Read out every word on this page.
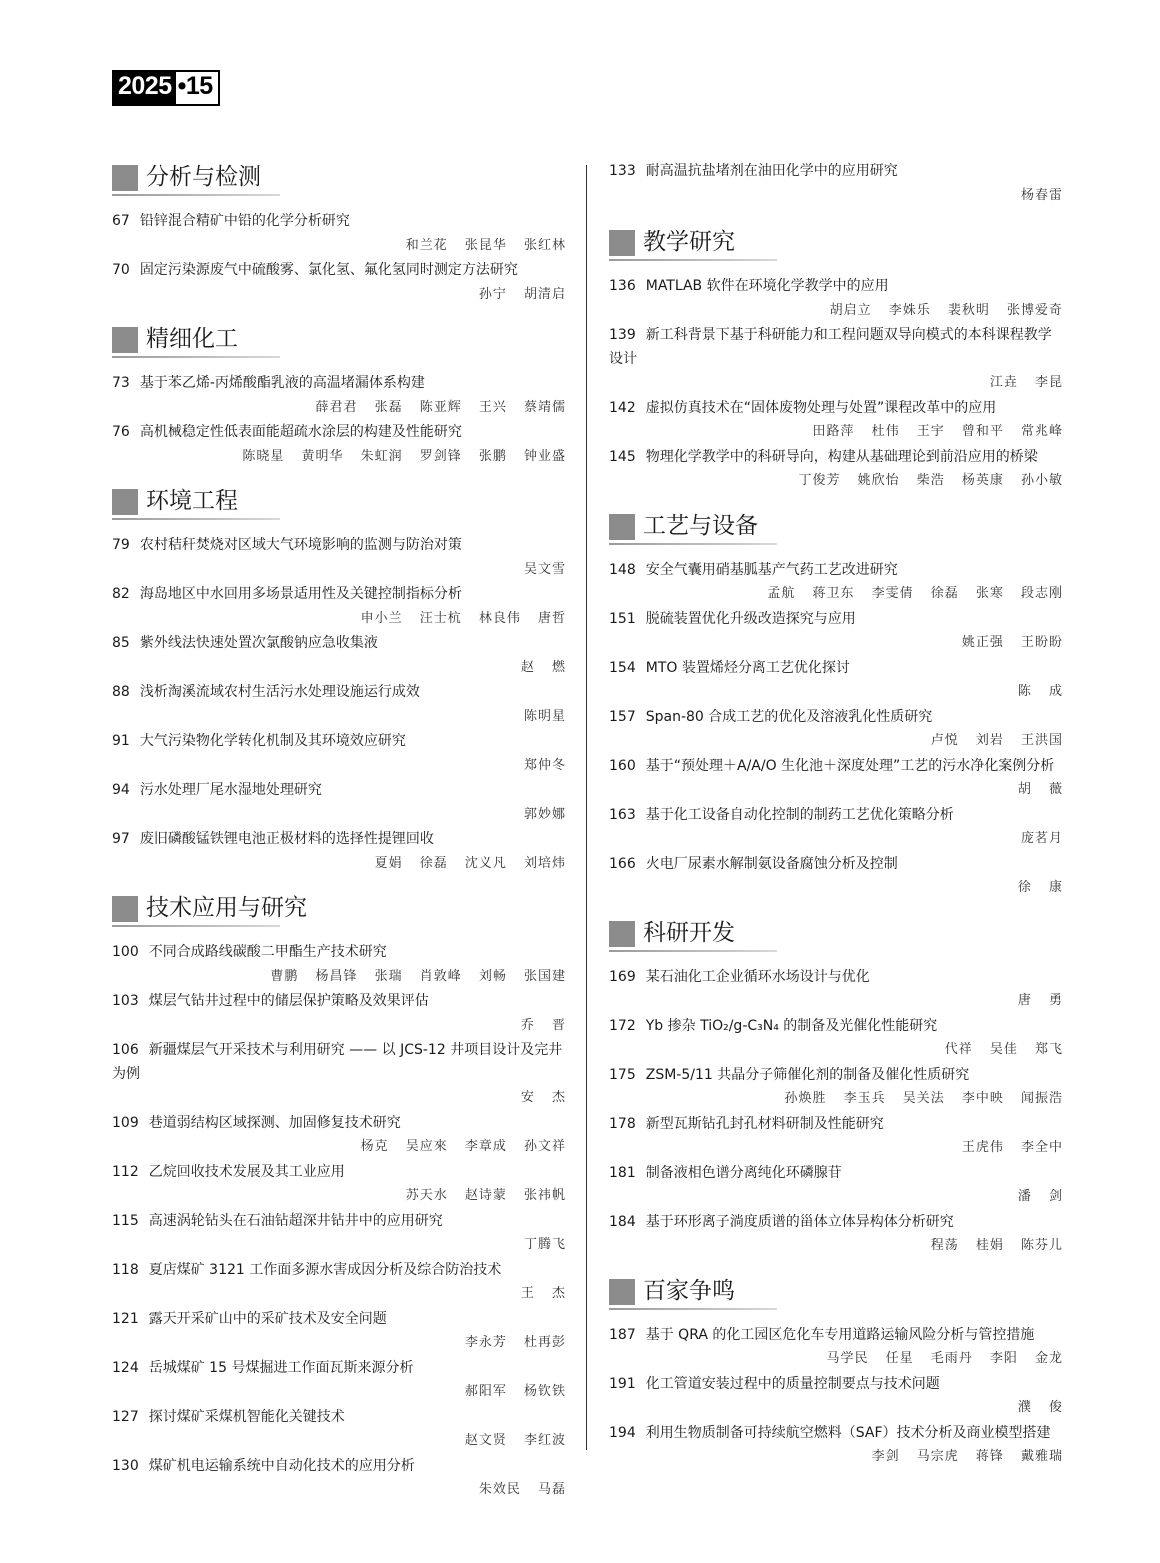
2025 •15
分析与检测
67 铅锌混合精矿中铅的化学分析研究
和兰花 张昆华 张红林
70 固定污染源废气中硫酸雾、氯化氢、氟化氢同时测定方法研究
孙宁 胡清启
精细化工
73 基于苯乙烯-丙烯酸酯乳液的高温堵漏体系构建
薛君君 张磊 陈亚辉 王兴 蔡靖儒
76 高机械稳定性低表面能超疏水涂层的构建及性能研究
陈晓星 黄明华 朱虹润 罗剑锋 张鹏 钟业盛
环境工程
79 农村秸秆焚烧对区域大气环境影响的监测与防治对策
吴文雪
82 海岛地区中水回用多场景适用性及关键控制指标分析
申小兰 汪士杭 林良伟 唐哲
85 紫外线法快速处置次氯酸钠应急收集液
赵 燃
88 浅析淘溪流域农村生活污水处理设施运行成效
陈明星
91 大气污染物化学转化机制及其环境效应研究
郑仲冬
94 污水处理厂尾水湿地处理研究
郭妙娜
97 废旧磷酸锰铁锂电池正极材料的选择性提锂回收
夏娟 徐磊 沈义凡 刘培炜
技术应用与研究
100 不同合成路线碳酸二甲酯生产技术研究
曹鹏 杨昌锋 张瑞 肖敦峰 刘畅 张国建
103 煤层气钻井过程中的储层保护策略及效果评估
乔 晋
106 新疆煤层气开采技术与利用研究 —— 以 JCS-12 井项目设计及完井为例
安 杰
109 巷道弱结构区域探测、加固修复技术研究
杨克 吴应來 李章成 孙文祥
112 乙烷回收技术发展及其工业应用
苏天水 赵诗蒙 张祎帆
115 高速涡轮钻头在石油钻超深井钻井中的应用研究
丁腾飞
118 夏店煤矿 3121 工作面多源水害成因分析及综合防治技术
王 杰
121 露天开采矿山中的采矿技术及安全问题
李永芳 杜再彭
124 岳城煤矿 15 号煤掘进工作面瓦斯来源分析
郝阳军 杨钦铁
127 探讨煤矿采煤机智能化关键技术
赵文贤 李红波
130 煤矿机电运输系统中自动化技术的应用分析
朱效民 马磊
133 耐高温抗盐堵剂在油田化学中的应用研究
杨春雷
教学研究
136 MATLAB 软件在环境化学教学中的应用
胡启立 李姝乐 裴秋明 张博爱奇
139 新工科背景下基于科研能力和工程问题双导向模式的本科课程教学设计
江垚 李昆
142 虚拟仿真技术在“固体废物处理与处置”课程改革中的应用
田路萍 杜伟 王宇 曾和平 常兆峰
145 物理化学教学中的科研导向，构建从基础理论到前沿应用的桥梁
丁俊芳 姚欣怡 柴浩 杨英康 孙小敏
工艺与设备
148 安全气囊用硝基胍基产气药工艺改进研究
孟航 蒋卫东 李雯倩 徐磊 张寒 段志刚
151 脱硫装置优化升级改造探究与应用
姚正强 王盼盼
154 MTO 装置烯烃分离工艺优化探讨
陈 成
157 Span-80 合成工艺的优化及溶液乳化性质研究
卢悦 刘岩 王洪国
160 基于“预处理＋A/A/O 生化池＋深度处理”工艺的污水净化案例分析
胡 薇
163 基于化工设备自动化控制的制药工艺优化策略分析
庞茗月
166 火电厂尿素水解制氨设备腐蚀分析及控制
徐 康
科研开发
169 某石油化工企业循环水场设计与优化
唐 勇
172 Yb 掺杂 TiO₂/g-C₃N₄ 的制备及光催化性能研究
代祥 吴佳 郑飞
175 ZSM-5/11 共晶分子筛催化剂的制备及催化性质研究
孙焕胜 李玉兵 吴关法 李中映 闻振浩
178 新型瓦斯钻孔封孔材料研制及性能研究
王虎伟 李全中
181 制备液相色谱分离纯化环磷腺苷
潘 剑
184 基于环形离子淌度质谱的甾体立体异构体分析研究
程荡 桂娟 陈芬儿
百家争鸣
187 基于 QRA 的化工园区危化车专用道路运输风险分析与管控措施
马学民 任星 毛雨丹 李阳 金龙
191 化工管道安装过程中的质量控制要点与技术问题
濮 俊
194 利用生物质制备可持续航空燃料（SAF）技术分析及商业模型搭建
李剑 马宗虎 蒋锋 戴雅瑞
